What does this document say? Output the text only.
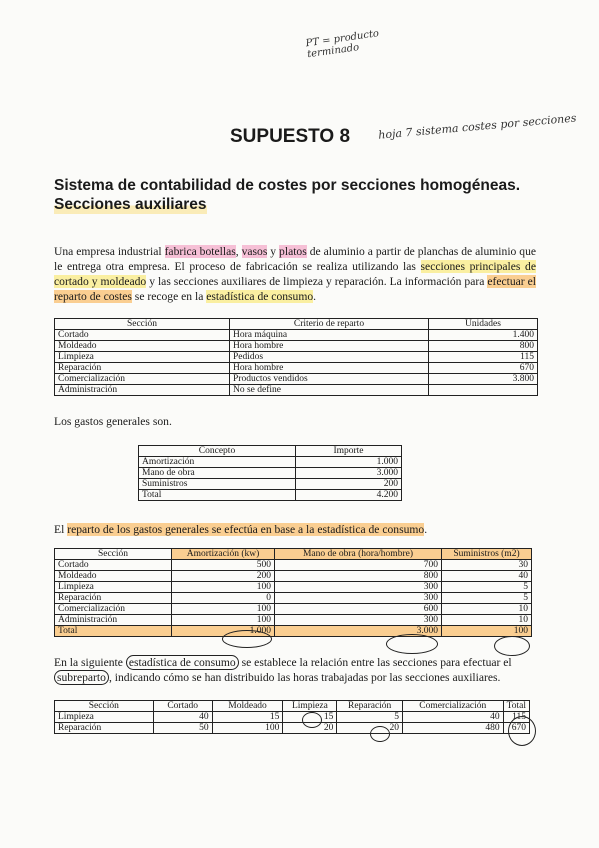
PT = producto terminado
hoja 7 sistema costes por secciones
SUPUESTO 8
Sistema de contabilidad de costes por secciones homogéneas.
Secciones auxiliares
Una empresa industrial fabrica botellas, vasos y platos de aluminio a partir de planchas de aluminio que le entrega otra empresa. El proceso de fabricación se realiza utilizando las secciones principales de cortado y moldeado y las secciones auxiliares de limpieza y reparación. La información para efectuar el reparto de costes se recoge en la estadística de consumo.
Sección	Criterio de reparto	Unidades
Cortado	Hora máquina	1.400
Moldeado	Hora hombre	800
Limpieza	Pedidos	115
Reparación	Hora hombre	670
Comercialización	Productos vendidos	3.800
Administración	No se define	
Los gastos generales son.
Concepto	Importe
Amortización	1.000
Mano de obra	3.000
Suministros	200
Total	4.200
El reparto de los gastos generales se efectúa en base a la estadística de consumo.
Sección	Amortización (kw)	Mano de obra (hora/hombre)	Suministros (m2)
Cortado	500	700	30
Moldeado	200	800	40
Limpieza	100	300	5
Reparación	0	300	5
Comercialización	100	600	10
Administración	100	300	10
Total	1.000	3.000	100
En la siguiente estadística de consumo se establece la relación entre las secciones para efectuar el subreparto , indicando cómo se han distribuido las horas trabajadas por las secciones auxiliares.
Sección	Cortado	Moldeado	Limpieza	Reparación	Comercialización	Total
Limpieza	40	15	15	5	40	115
Reparación	50	100	20	20	480	670
